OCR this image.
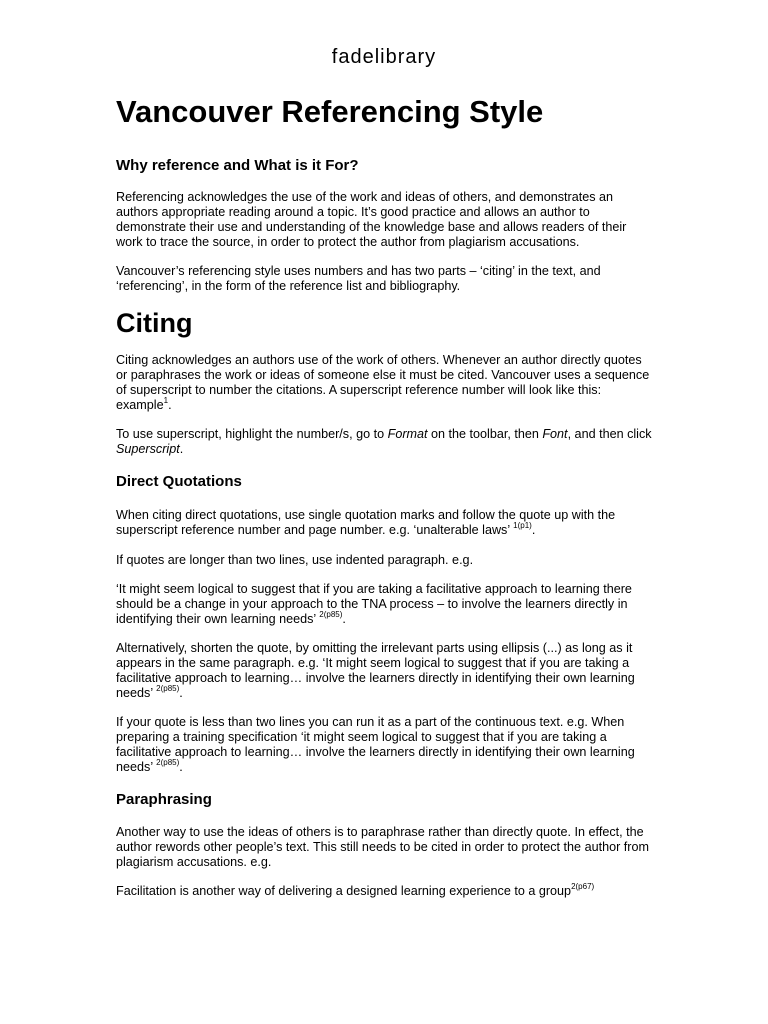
fadelibrary
Vancouver Referencing Style
Why reference and What is it For?

Referencing acknowledges the use of the work and ideas of others, and demonstrates an authors appropriate reading around a topic. It’s good practice and allows an author to demonstrate their use and understanding of the knowledge base and allows readers of their work to trace the source, in order to protect the author from plagiarism accusations.

Vancouver’s referencing style uses numbers and has two parts – ‘citing’ in the text, and ‘referencing’, in the form of the reference list and bibliography.

Citing

Citing acknowledges an authors use of the work of others. Whenever an author directly quotes or paraphrases the work or ideas of someone else it must be cited. Vancouver uses a sequence of superscript to number the citations. A superscript reference number will look like this: example$^1$.

To use superscript, highlight the number/s, go to Format on the toolbar, then Font, and then click Superscript.

Direct Quotations

When citing direct quotations, use single quotation marks and follow the quote up with the superscript reference number and page number. e.g. ‘unalterable laws’ $^{1(p1)}$.

If quotes are longer than two lines, use indented paragraph. e.g.

‘It might seem logical to suggest that if you are taking a facilitative approach to learning there should be a change in your approach to the TNA process – to involve the learners directly in identifying their own learning needs’ $^{2(p85)}$.

Alternatively, shorten the quote, by omitting the irrelevant parts using ellipsis (...) as long as it appears in the same paragraph. e.g. ‘It might seem logical to suggest that if you are taking a facilitative approach to learning… involve the learners directly in identifying their own learning needs’ $^{2(p85)}$.

If your quote is less than two lines you can run it as a part of the continuous text. e.g. When preparing a training specification ‘it might seem logical to suggest that if you are taking a facilitative approach to learning… involve the learners directly in identifying their own learning needs’ $^{2(p85)}$.

Paraphrasing

Another way to use the ideas of others is to paraphrase rather than directly quote. In effect, the author rewords other people’s text. This still needs to be cited in order to protect the author from plagiarism accusations. e.g.

Facilitation is another way of delivering a designed learning experience to a group$^{2(p67)}$
